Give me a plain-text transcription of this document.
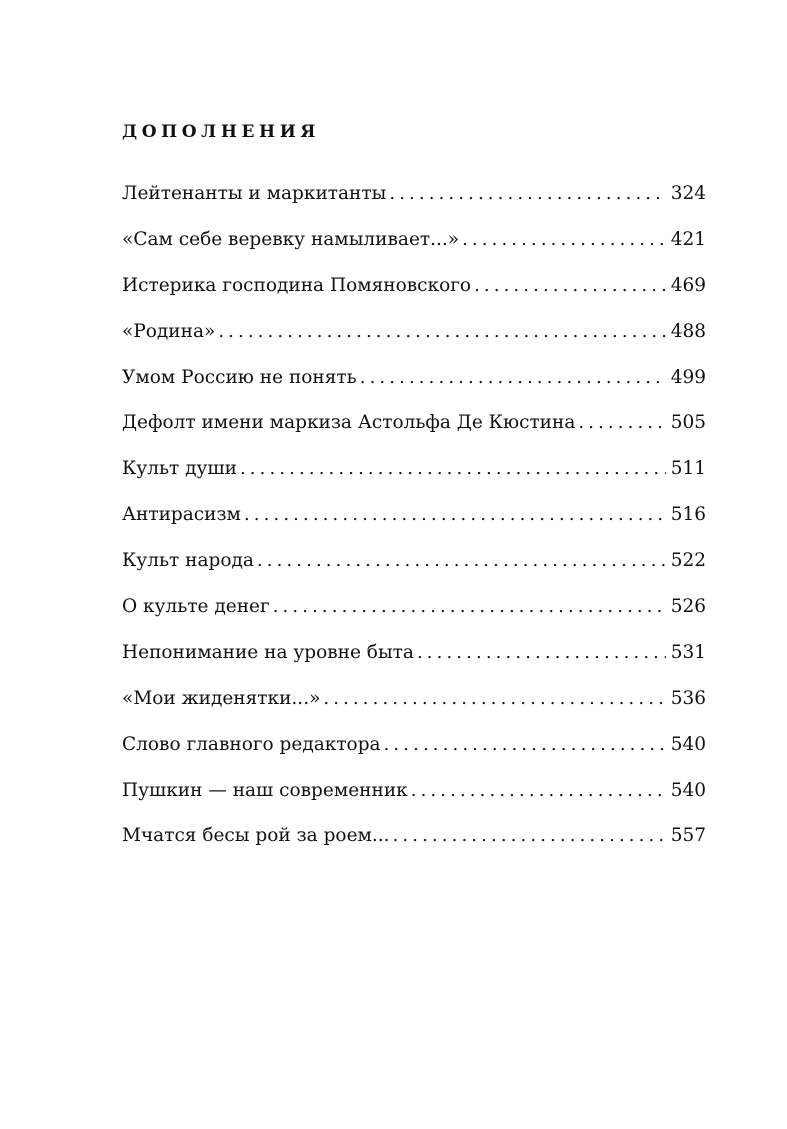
ДОПОЛНЕНИЯ
Лейтенанты и маркитанты . . .	324
«Сам себе веревку намыливает...» . . .	421
Истерика господина Помяновского . . .	469
«Родина» . . .	488
Умом Россию не понять . . .	499
Дефолт имени маркиза Астольфа Де Кюстина . . .	505
Культ души . . .	511
Антирасизм . . .	516
Культ народа . . .	522
О культе денег . . .	526
Непонимание на уровне быта . . .	531
«Мои жиденятки...» . . .	536
Слово главного редактора . . .	540
Пушкин — наш современник . . .	540
Мчатся бесы рой за роем... . . .	557
